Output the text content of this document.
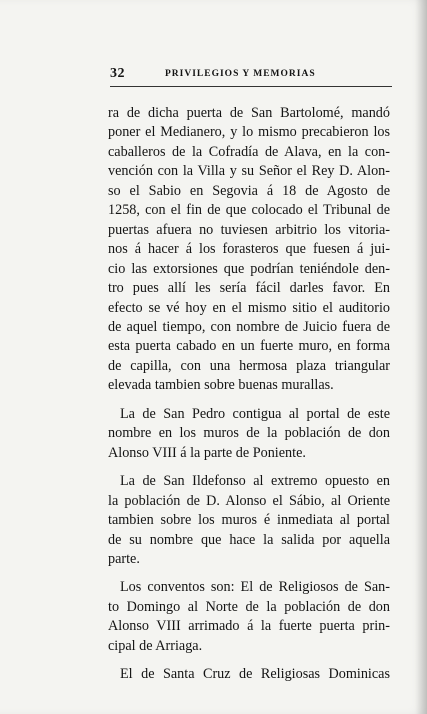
32	PRIVILEGIOS Y MEMORIAS

ra de dicha puerta de San Bartolomé, mandó
poner el Medianero, y lo mismo precabieron los
caballeros de la Cofradía de Alava, en la con-
vención con la Villa y su Señor el Rey D. Alon-
so el Sabio en Segovia á 18 de Agosto de
1258, con el fin de que colocado el Tribunal de
puertas afuera no tuviesen arbitrio los vitoria-
nos á hacer á los forasteros que fuesen á jui-
cio las extorsiones que podrían teniéndole den-
tro pues allí les sería fácil darles favor. En
efecto se vé hoy en el mismo sitio el auditorio
de aquel tiempo, con nombre de Juicio fuera de
esta puerta cabado en un fuerte muro, en forma
de capilla, con una hermosa plaza triangular
elevada tambien sobre buenas murallas.

La de San Pedro contigua al portal de este
nombre en los muros de la población de don
Alonso VIII á la parte de Poniente.

La de San Ildefonso al extremo opuesto en
la población de D. Alonso el Sábio, al Oriente
tambien sobre los muros é inmediata al portal
de su nombre que hace la salida por aquella
parte.

Los conventos son: El de Religiosos de San-
to Domingo al Norte de la población de don
Alonso VIII arrimado á la fuerte puerta prin-
cipal de Arriaga.

El de Santa Cruz de Religiosas Dominicas
